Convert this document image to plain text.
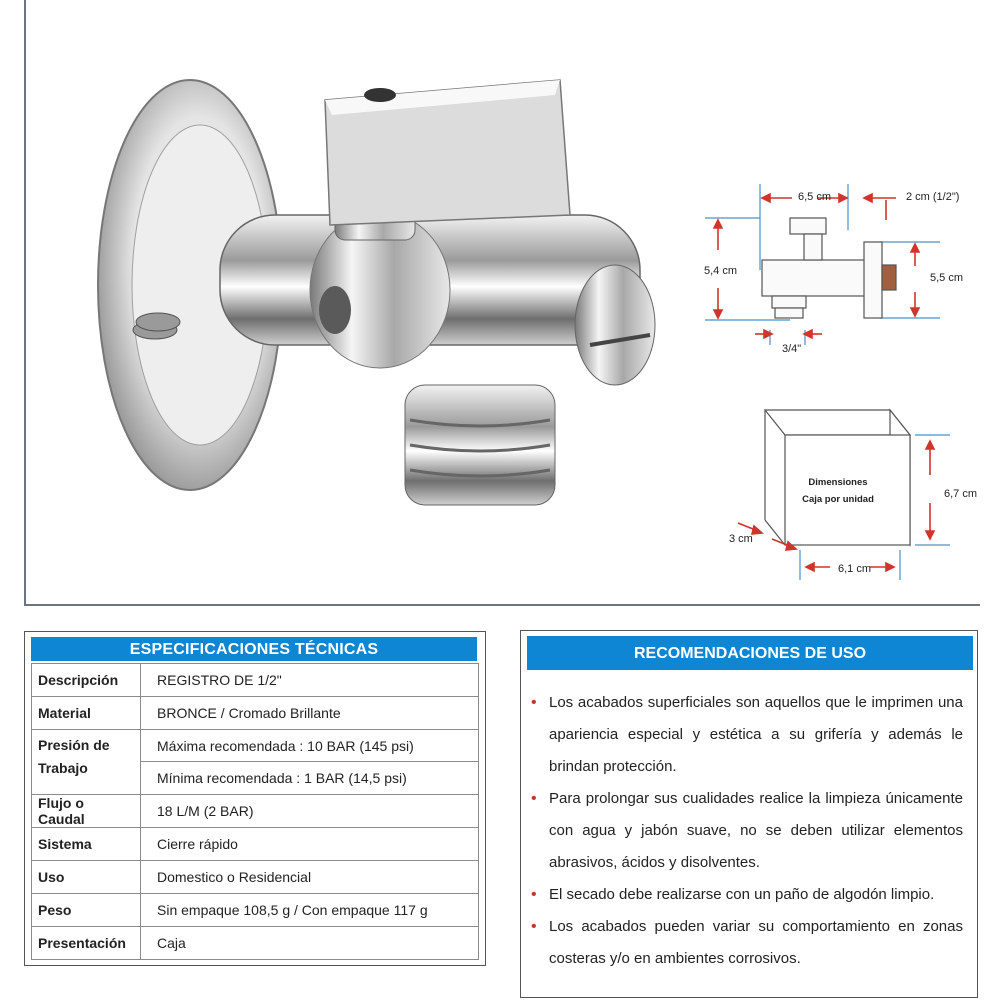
6,5 cm	2 cm (1/2")
5,4 cm
5,5 cm
3/4"
Dimensiones
Caja por unidad	6,7 cm
3 cm
6,1 cm
ESPECIFICACIONES TÉCNICAS
Descripción	REGISTRO DE 1/2"
Material	BRONCE / Cromado Brillante
Presión de Trabajo	Máxima recomendada : 10 BAR (145 psi)
	Mínima recomendada : 1 BAR (14,5 psi)
Flujo o Caudal	18 L/M (2 BAR)
Sistema	Cierre rápido
Uso	Domestico o Residencial
Peso	Sin empaque 108,5 g / Con empaque 117 g
Presentación	Caja
RECOMENDACIONES DE USO
• Los acabados superficiales son aquellos que le imprimen una apariencia especial y estética a su grifería y además le brindan protección.
• Para prolongar sus cualidades realice la limpieza únicamente con agua y jabón suave, no se deben utilizar elementos abrasivos, ácidos y disolventes.
• El secado debe realizarse con un paño de algodón limpio.
• Los acabados pueden variar su comportamiento en zonas costeras y/o en ambientes corrosivos.
